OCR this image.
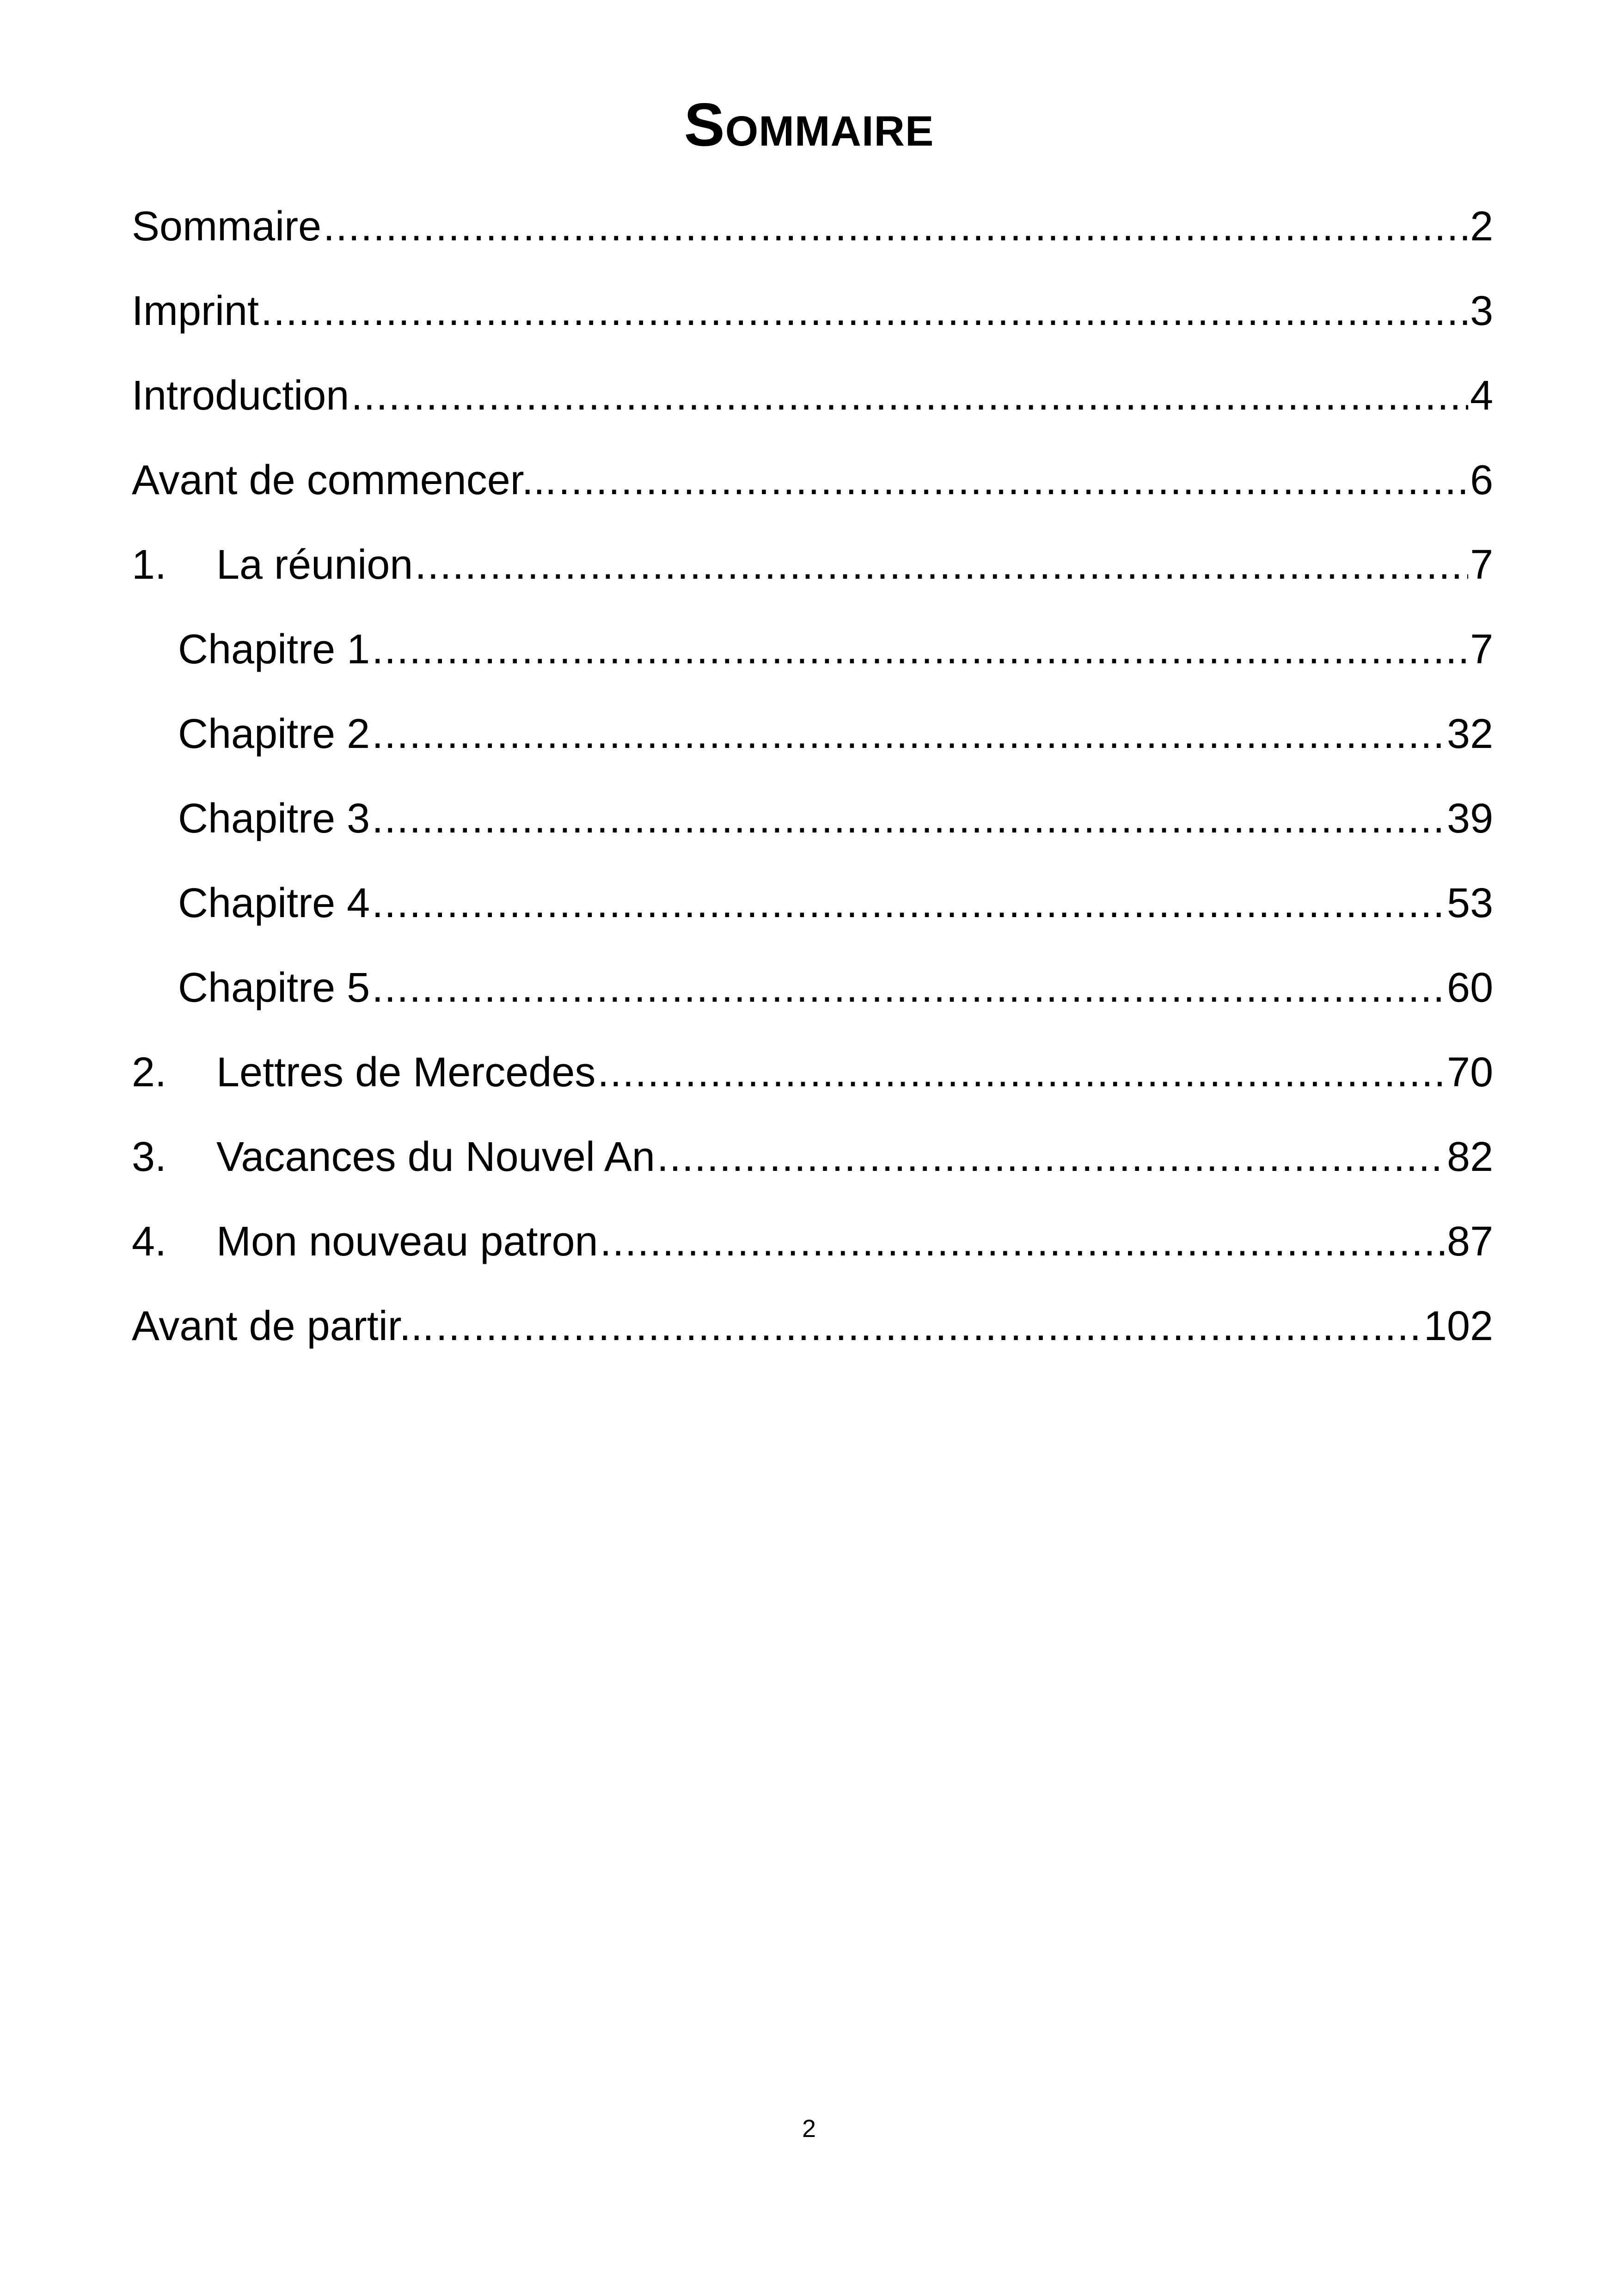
Sommaire
Sommaire .....	2
Imprint .....	3
Introduction .....	4
Avant de commencer... .....	6
1.	La réunion .....	7
Chapitre 1 .....	7
Chapitre 2 .....	32
Chapitre 3 .....	39
Chapitre 4 .....	53
Chapitre 5 .....	60
2.	Lettres de Mercedes .....	70
3.	Vacances du Nouvel An .....	82
4.	Mon nouveau patron .....	87
Avant de partir... .....	102
2
